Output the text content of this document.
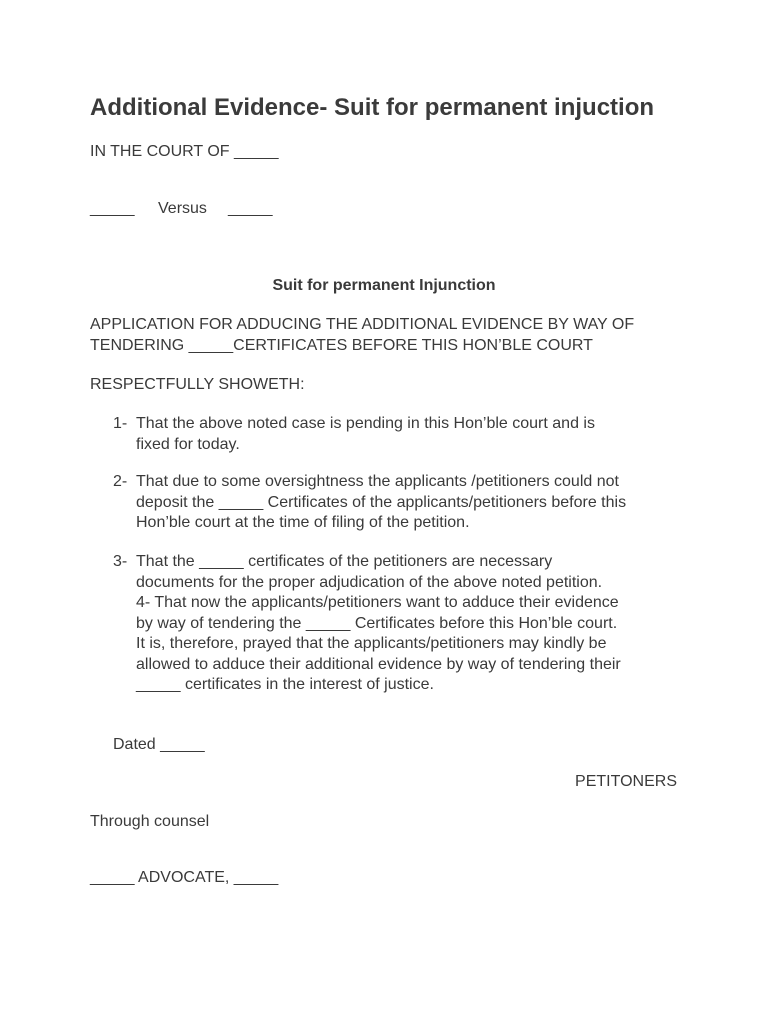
Additional Evidence- Suit for permanent injuction

IN THE COURT OF _____

_____ Versus _____

Suit for permanent Injunction

APPLICATION FOR ADDUCING THE ADDITIONAL EVIDENCE BY WAY OF TENDERING _____CERTIFICATES BEFORE THIS HON’BLE COURT

RESPECTFULLY SHOWETH:

1- That the above noted case is pending in this Hon’ble court and is
fixed for today.
2- That due to some oversightness the applicants /petitioners could not
deposit the _____ Certificates of the applicants/petitioners before this
Hon’ble court at the time of filing of the petition.
3- That the _____ certificates of the petitioners are necessary
documents for the proper adjudication of the above noted petition.
4- That now the applicants/petitioners want to adduce their evidence
by way of tendering the _____ Certificates before this Hon’ble court.
It is, therefore, prayed that the applicants/petitioners may kindly be
allowed to adduce their additional evidence by way of tendering their
_____ certificates in the interest of justice.

Dated _____

PETITONERS

Through counsel

_____ ADVOCATE, _____
